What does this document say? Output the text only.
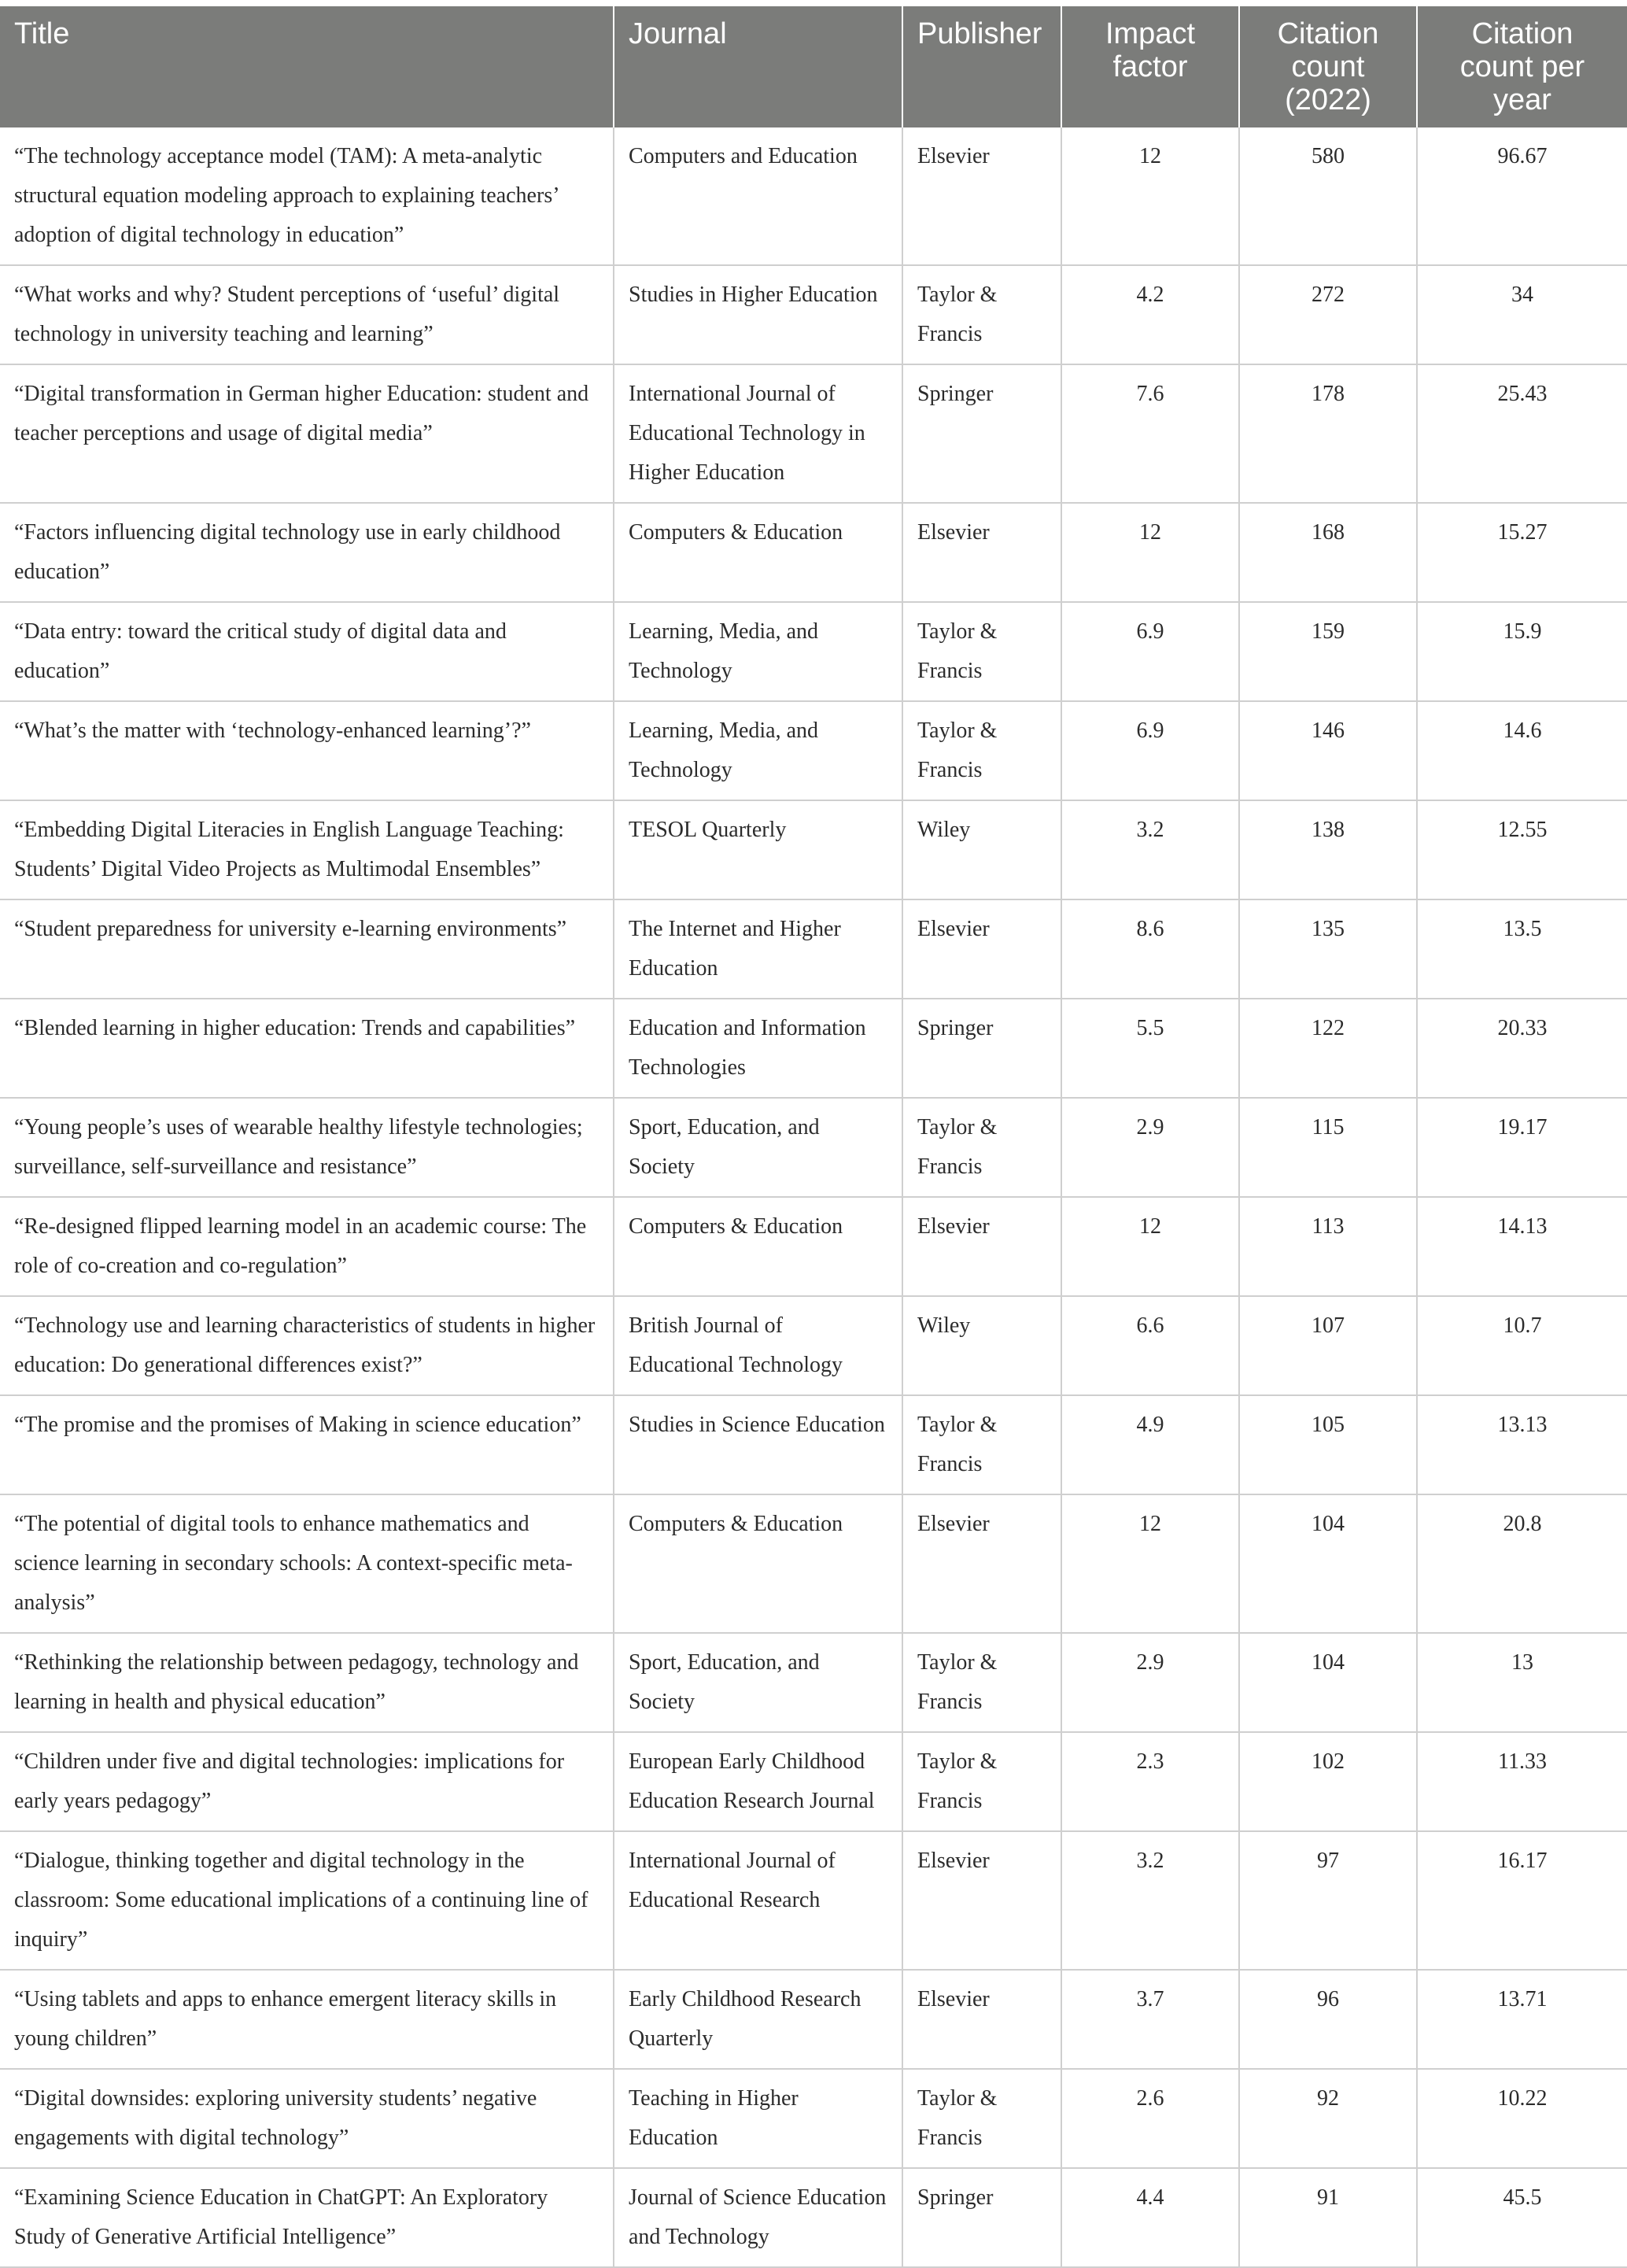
Title	Journal	Publisher	Impact factor	Citation count (2022)	Citation count per year
“The technology acceptance model (TAM): A meta-analytic structural equation modeling approach to explaining teachers’ adoption of digital technology in education”	Computers and Education	Elsevier	12	580	96.67
“What works and why? Student perceptions of ‘useful’ digital technology in university teaching and learning”	Studies in Higher Education	Taylor & Francis	4.2	272	34
“Digital transformation in German higher Education: student and teacher perceptions and usage of digital media”	International Journal of Educational Technology in Higher Education	Springer	7.6	178	25.43
“Factors influencing digital technology use in early childhood education”	Computers & Education	Elsevier	12	168	15.27
“Data entry: toward the critical study of digital data and education”	Learning, Media, and Technology	Taylor & Francis	6.9	159	15.9
“What’s the matter with ‘technology-enhanced learning’?”	Learning, Media, and Technology	Taylor & Francis	6.9	146	14.6
“Embedding Digital Literacies in English Language Teaching: Students’ Digital Video Projects as Multimodal Ensembles”	TESOL Quarterly	Wiley	3.2	138	12.55
“Student preparedness for university e-learning environments”	The Internet and Higher Education	Elsevier	8.6	135	13.5
“Blended learning in higher education: Trends and capabilities”	Education and Information Technologies	Springer	5.5	122	20.33
“Young people’s uses of wearable healthy lifestyle technologies; surveillance, self-surveillance and resistance”	Sport, Education, and Society	Taylor & Francis	2.9	115	19.17
“Re-designed flipped learning model in an academic course: The role of co-creation and co-regulation”	Computers & Education	Elsevier	12	113	14.13
“Technology use and learning characteristics of students in higher education: Do generational differences exist?”	British Journal of Educational Technology	Wiley	6.6	107	10.7
“The promise and the promises of Making in science education”	Studies in Science Education	Taylor & Francis	4.9	105	13.13
“The potential of digital tools to enhance mathematics and science learning in secondary schools: A context-specific meta-analysis”	Computers & Education	Elsevier	12	104	20.8
“Rethinking the relationship between pedagogy, technology and learning in health and physical education”	Sport, Education, and Society	Taylor & Francis	2.9	104	13
“Children under five and digital technologies: implications for early years pedagogy”	European Early Childhood Education Research Journal	Taylor & Francis	2.3	102	11.33
“Dialogue, thinking together and digital technology in the classroom: Some educational implications of a continuing line of inquiry”	International Journal of Educational Research	Elsevier	3.2	97	16.17
“Using tablets and apps to enhance emergent literacy skills in young children”	Early Childhood Research Quarterly	Elsevier	3.7	96	13.71
“Digital downsides: exploring university students’ negative engagements with digital technology”	Teaching in Higher Education	Taylor & Francis	2.6	92	10.22
“Examining Science Education in ChatGPT: An Exploratory Study of Generative Artificial Intelligence”	Journal of Science Education and Technology	Springer	4.4	91	45.5
